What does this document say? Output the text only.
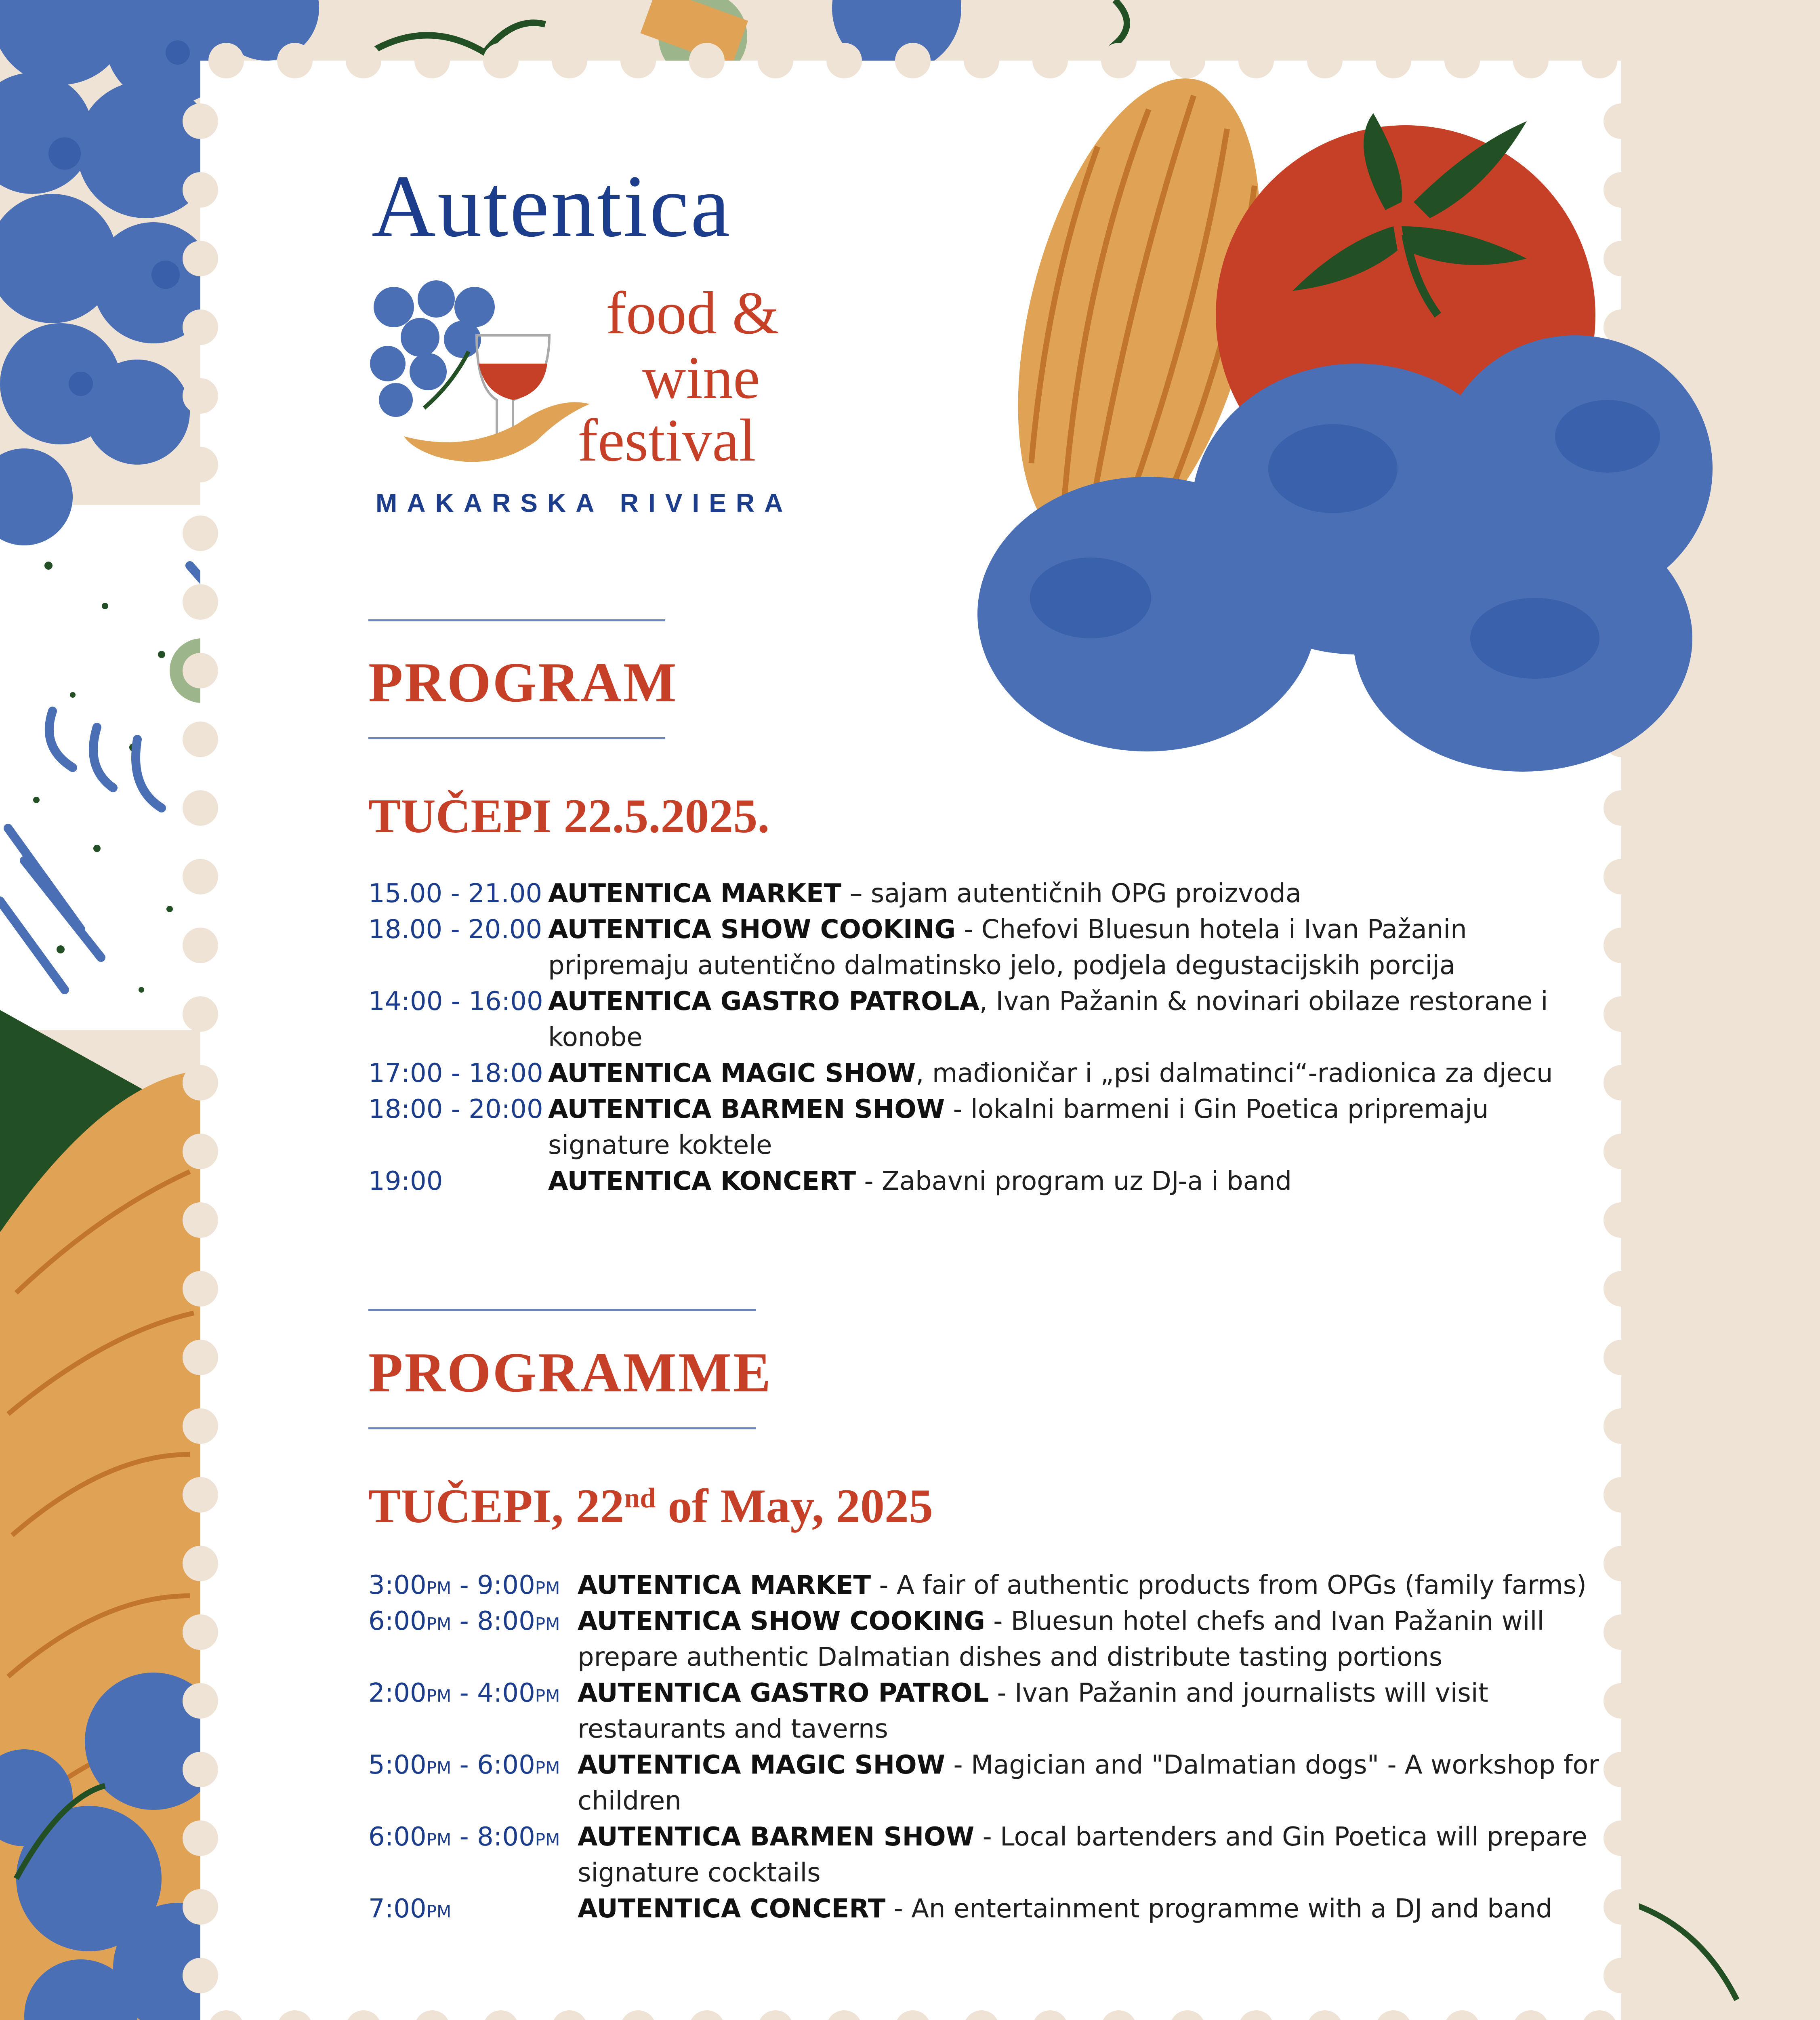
Autentica
food &
wine
festival
MAKARSKA RIVIERA
PROGRAM
TUČEPI 22.5.2025.
15.00 - 21.00 AUTENTICA MARKET – sajam autentičnih OPG proizvoda
18.00 - 20.00 AUTENTICA SHOW COOKING - Chefovi Bluesun hotela i Ivan Pažanin pripremaju autentično dalmatinsko jelo, podjela degustacijskih porcija
14:00 - 16:00 AUTENTICA GASTRO PATROLA, Ivan Pažanin & novinari obilaze restorane i konobe
17:00 - 18:00 AUTENTICA MAGIC SHOW, mađioničar i „psi dalmatinci“-radionica za djecu
18:00 - 20:00 AUTENTICA BARMEN SHOW - lokalni barmeni i Gin Poetica pripremaju signature koktele
19:00	AUTENTICA KONCERT - Zabavni program uz DJ-a i band
PROGRAMME
TUČEPI, 22nd of May, 2025
3:00PM - 9:00PM AUTENTICA MARKET - A fair of authentic products from OPGs (family farms)
6:00PM - 8:00PM AUTENTICA SHOW COOKING - Bluesun hotel chefs and Ivan Pažanin will prepare authentic Dalmatian dishes and distribute tasting portions
2:00PM - 4:00PM AUTENTICA GASTRO PATROL - Ivan Pažanin and journalists will visit restaurants and taverns
5:00PM - 6:00PM AUTENTICA MAGIC SHOW - Magician and "Dalmatian dogs" - A workshop for children
6:00PM - 8:00PM AUTENTICA BARMEN SHOW - Local bartenders and Gin Poetica will prepare signature cocktails
7:00PM	AUTENTICA CONCERT - An entertainment programme with a DJ and band
